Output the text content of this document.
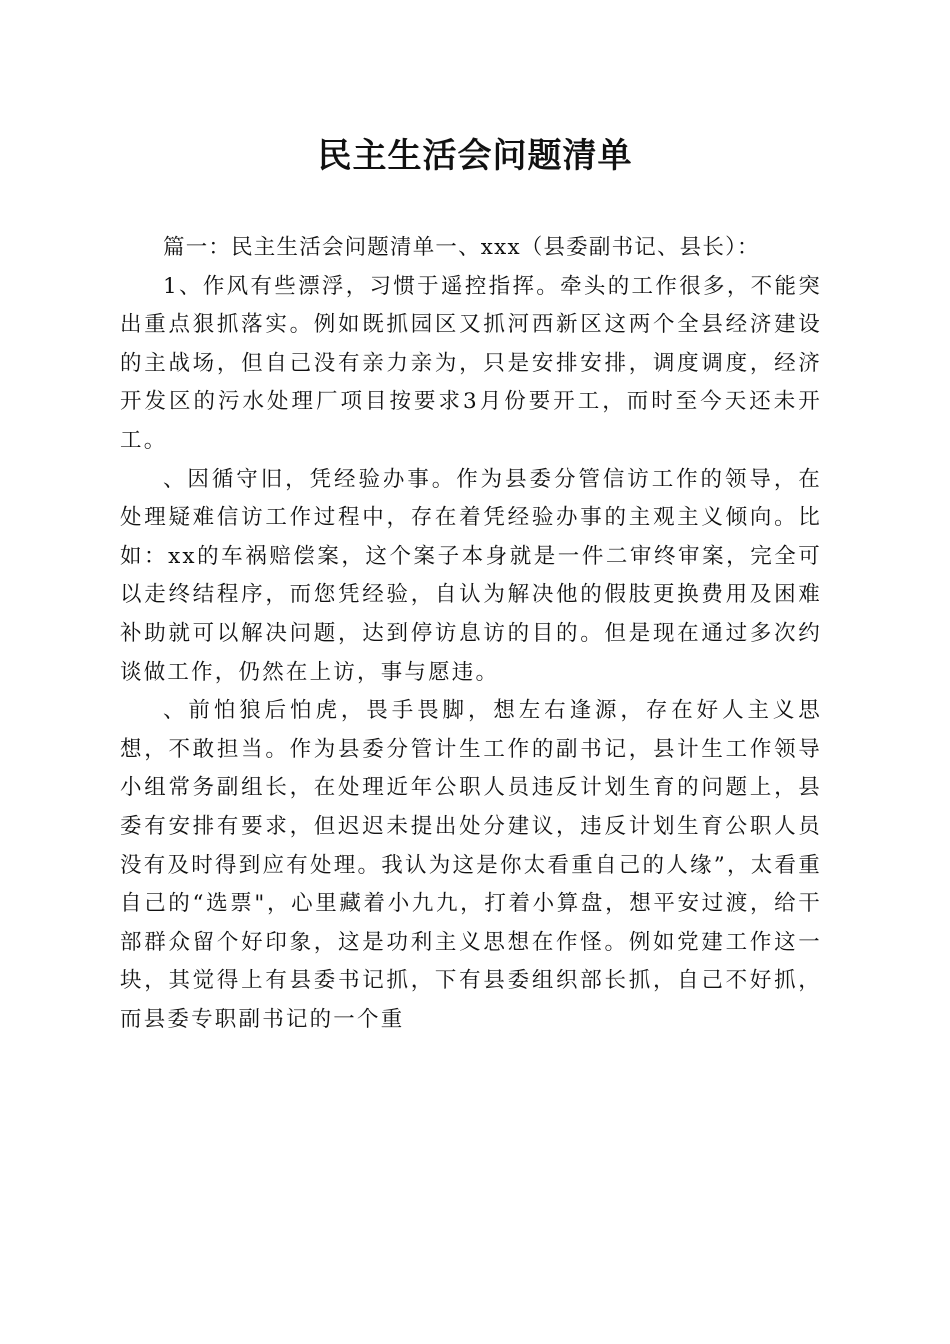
民主生活会问题清单

篇一：民主生活会问题清单一、xxx（县委副书记、县长）：

1、作风有些漂浮，习惯于遥控指挥。牵头的工作很多，不能突出重点狠抓落实。例如既抓园区又抓河西新区这两个全县经济建设的主战场，但自己没有亲力亲为，只是安排安排，调度调度，经济开发区的污水处理厂项目按要求3月份要开工，而时至今天还未开工。

、因循守旧，凭经验办事。作为县委分管信访工作的领导，在处理疑难信访工作过程中，存在着凭经验办事的主观主义倾向。比如：xx的车祸赔偿案，这个案子本身就是一件二审终审案，完全可以走终结程序，而您凭经验，自认为解决他的假肢更换费用及困难补助就可以解决问题，达到停访息访的目的。但是现在通过多次约谈做工作，仍然在上访，事与愿违。

、前怕狼后怕虎，畏手畏脚，想左右逢源，存在好人主义思想，不敢担当。作为县委分管计生工作的副书记，县计生工作领导小组常务副组长，在处理近年公职人员违反计划生育的问题上，县委有安排有要求，但迟迟未提出处分建议，违反计划生育公职人员没有及时得到应有处理。我认为这是你太看重自己的人缘”，太看重自己的“选票"，心里藏着小九九，打着小算盘，想平安过渡，给干部群众留个好印象，这是功利主义思想在作怪。例如党建工作这一块，其觉得上有县委书记抓，下有县委组织部长抓，自己不好抓，而县委专职副书记的一个重
